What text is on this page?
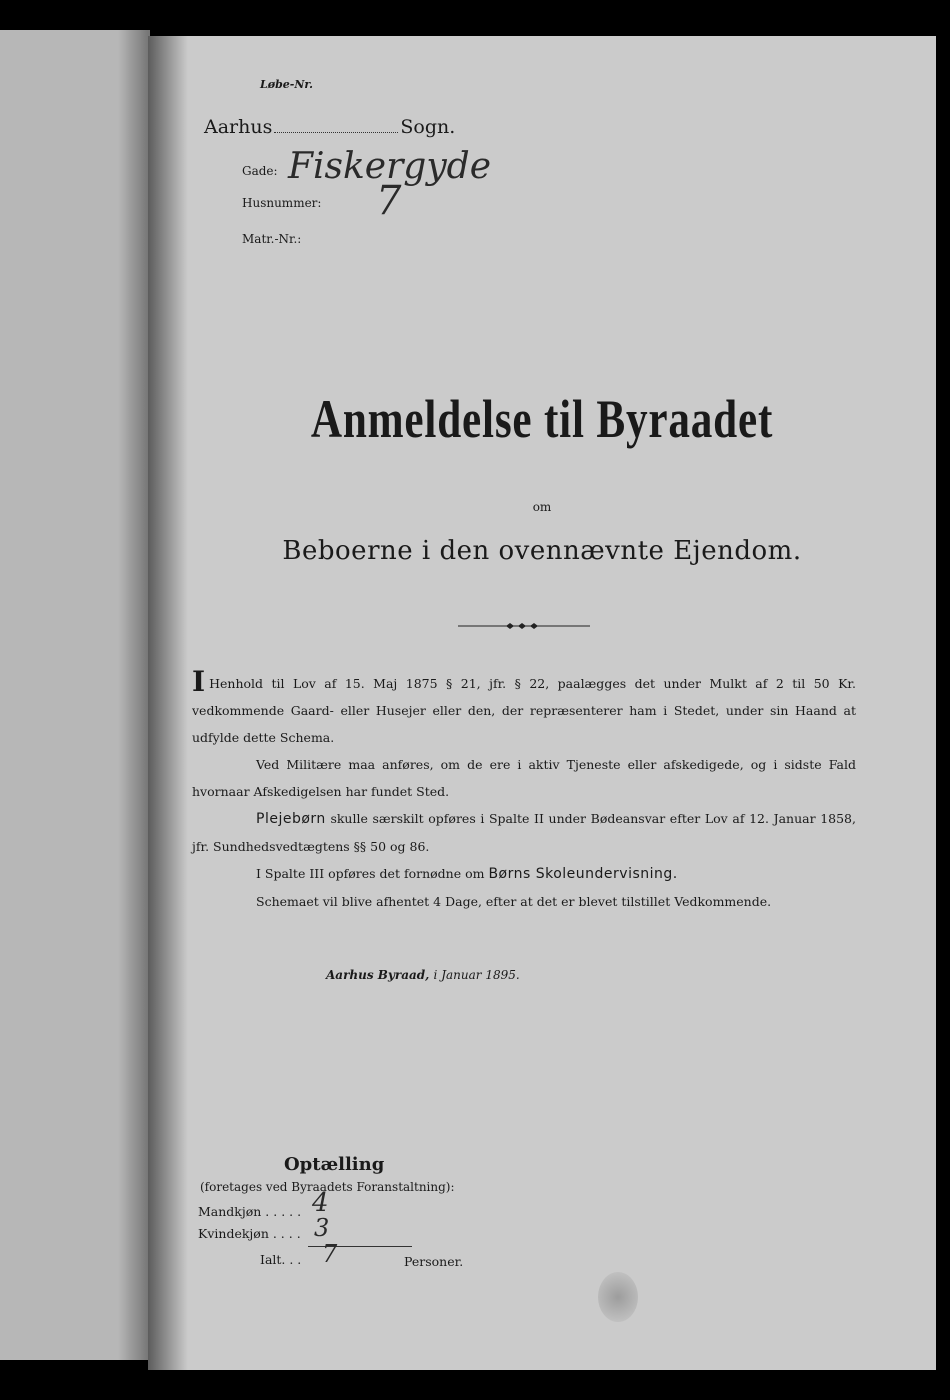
Løbe-Nr.
Aarhus	Sogn.
Gade: Fiskergyde
Husnummer: 7
Matr.-Nr.:
Anmeldelse til Byraadet
om
Beboerne i den ovennævnte Ejendom.

I Henhold til Lov af 15. Maj 1875 § 21, jfr. § 22, paalægges det under Mulkt af 2 til 50 Kr. vedkommende Gaard- eller Husejer eller den, der repræsenterer ham i Stedet, under sin Haand at udfylde dette Schema.

Ved Militære maa anføres, om de ere i aktiv Tjeneste eller afskedigede, og i sidste Fald hvornaar Afskedigelsen har fundet Sted.

Plejebørn skulle særskilt opføres i Spalte II under Bødeansvar efter Lov af 12. Januar 1858, jfr. Sundhedsvedtægtens §§ 50 og 86.

I Spalte III opføres det fornødne om Børns Skoleundervisning.

Schemaet vil blive afhentet 4 Dage, efter at det er blevet tilstillet Vedkommende.

Aarhus Byraad, i Januar 1895.
Optælling
(foretages ved Byraadets Foranstaltning):
Mandkjøn . . . . . 4
Kvindekjøn . . . . 3
Ialt. . . 7	Personer.
